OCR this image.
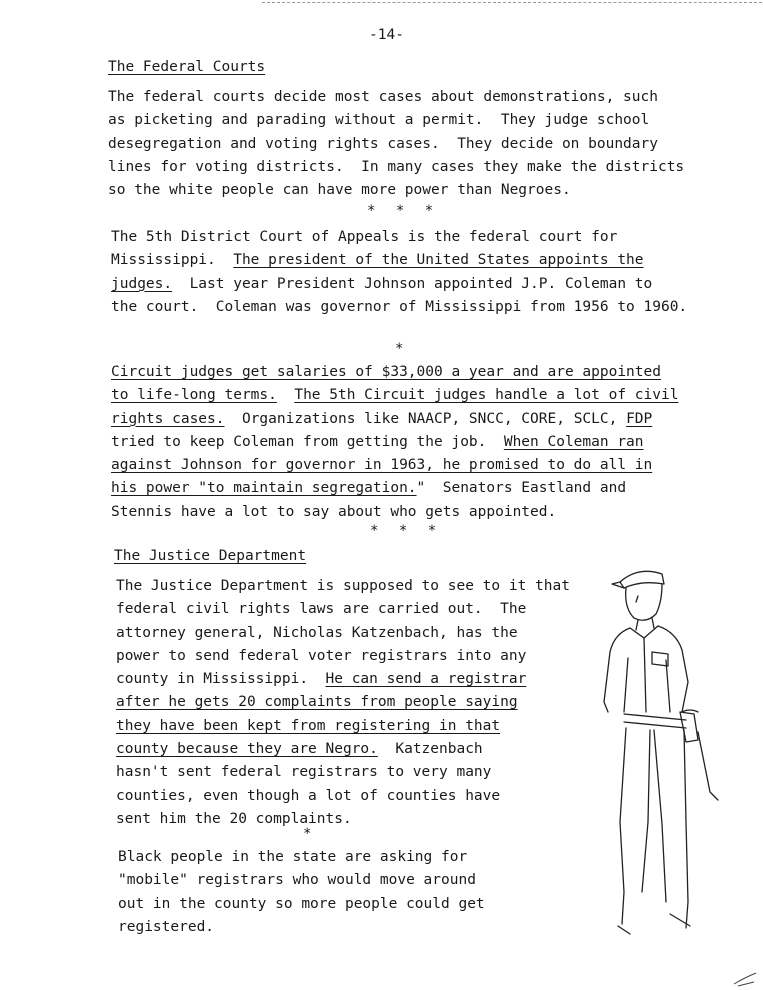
-14-
The Federal Courts
The federal courts decide most cases about demonstrations, such
as picketing and parading without a permit.  They judge school
desegregation and voting rights cases.  They decide on boundary
lines for voting districts.  In many cases they make the districts
so the white people can have more power than Negroes.
* * *
The 5th District Court of Appeals is the federal court for
Mississippi.  The president of the United States appoints the
judges.  Last year President Johnson appointed J.P. Coleman to
the court.  Coleman was governor of Mississippi from 1956 to 1960.
*
Circuit judges get salaries of $33,000 a year and are appointed
to life-long terms. The 5th Circuit judges handle a lot of civil
rights cases.  Organizations like NAACP, SNCC, CORE, SCLC, FDP
tried to keep Coleman from getting the job.  When Coleman ran
against Johnson for governor in 1963, he promised to do all in
his power "to maintain segregation."  Senators Eastland and
Stennis have a lot to say about who gets appointed.
* * *
The Justice Department
The Justice Department is supposed to see to it that
federal civil rights laws are carried out.  The
attorney general, Nicholas Katzenbach, has the
power to send federal voter registrars into any
county in Mississippi.  He can send a registrar
after he gets 20 complaints from people saying
they have been kept from registering in that
county because they are Negro.  Katzenbach
hasn't sent federal registrars to very many
counties, even though a lot of counties have
sent him the 20 complaints.
*
Black people in the state are asking for
"mobile" registrars who would move around
out in the county so more people could get
registered.
